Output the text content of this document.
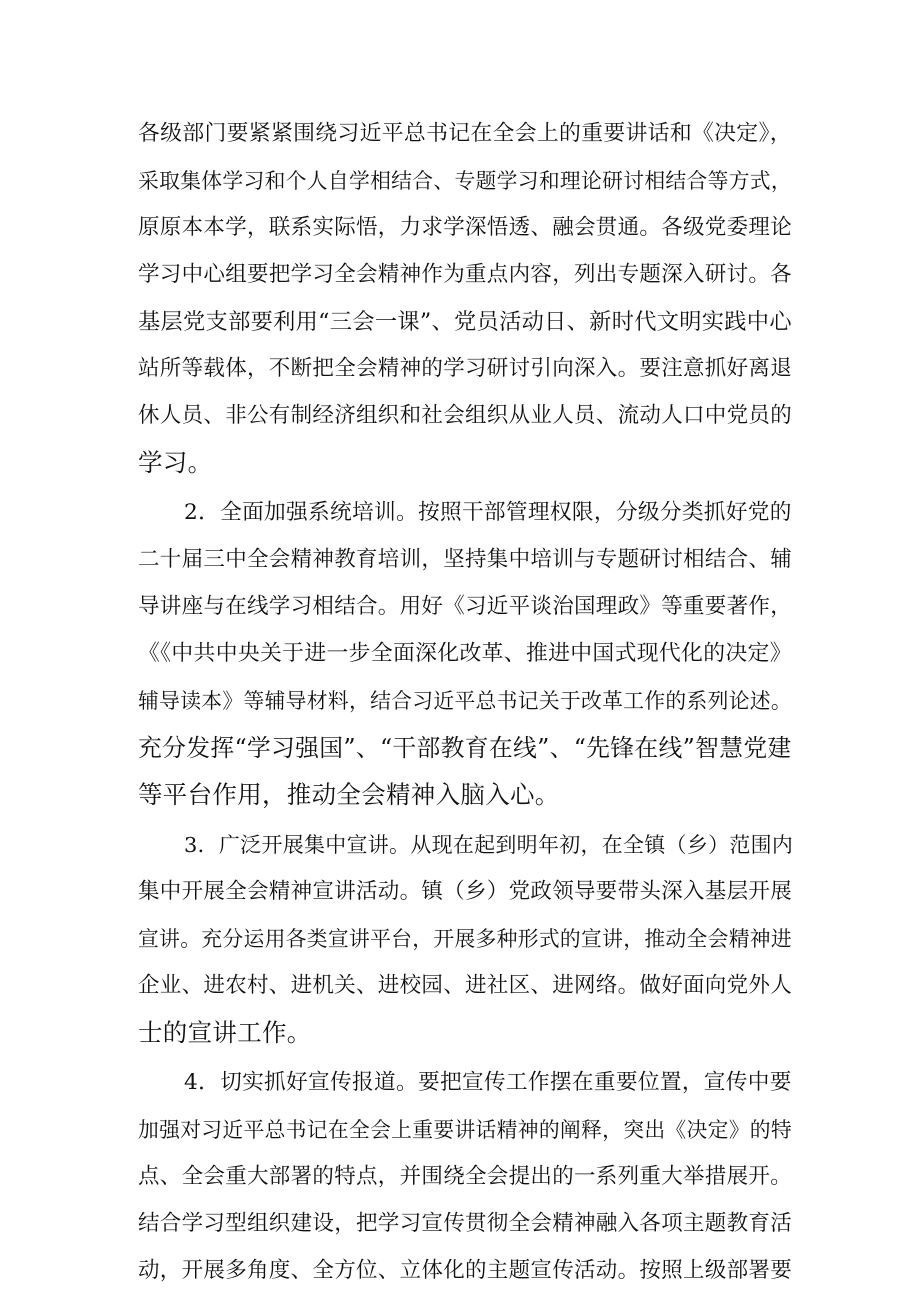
各级部门要紧紧围绕习近平总书记在全会上的重要讲话和《决定》，
采取集体学习和个人自学相结合、专题学习和理论研讨相结合等方式，
原原本本学，联系实际悟，力求学深悟透、融会贯通。各级党委理论
学习中心组要把学习全会精神作为重点内容，列出专题深入研讨。各
基层党支部要利用“三会一课”、党员活动日、新时代文明实践中心
站所等载体，不断把全会精神的学习研讨引向深入。要注意抓好离退
休人员、非公有制经济组织和社会组织从业人员、流动人口中党员的
学习。
2．全面加强系统培训。按照干部管理权限，分级分类抓好党的
二十届三中全会精神教育培训，坚持集中培训与专题研讨相结合、辅
导讲座与在线学习相结合。用好《习近平谈治国理政》等重要著作，
《《中共中央关于进一步全面深化改革、推进中国式现代化的决定》
辅导读本》等辅导材料，结合习近平总书记关于改革工作的系列论述。
充分发挥“学习强国”、“干部教育在线”、“先锋在线”智慧党建
等平台作用，推动全会精神入脑入心。
3．广泛开展集中宣讲。从现在起到明年初，在全镇（乡）范围内
集中开展全会精神宣讲活动。镇（乡）党政领导要带头深入基层开展
宣讲。充分运用各类宣讲平台，开展多种形式的宣讲，推动全会精神进
企业、进农村、进机关、进校园、进社区、进网络。做好面向党外人
士的宣讲工作。
4．切实抓好宣传报道。要把宣传工作摆在重要位置，宣传中要
加强对习近平总书记在全会上重要讲话精神的阐释，突出《决定》的特
点、全会重大部署的特点，并围绕全会提出的一系列重大举措展开。
结合学习型组织建设，把学习宣传贯彻全会精神融入各项主题教育活
动，开展多角度、全方位、立体化的主题宣传活动。按照上级部署要
